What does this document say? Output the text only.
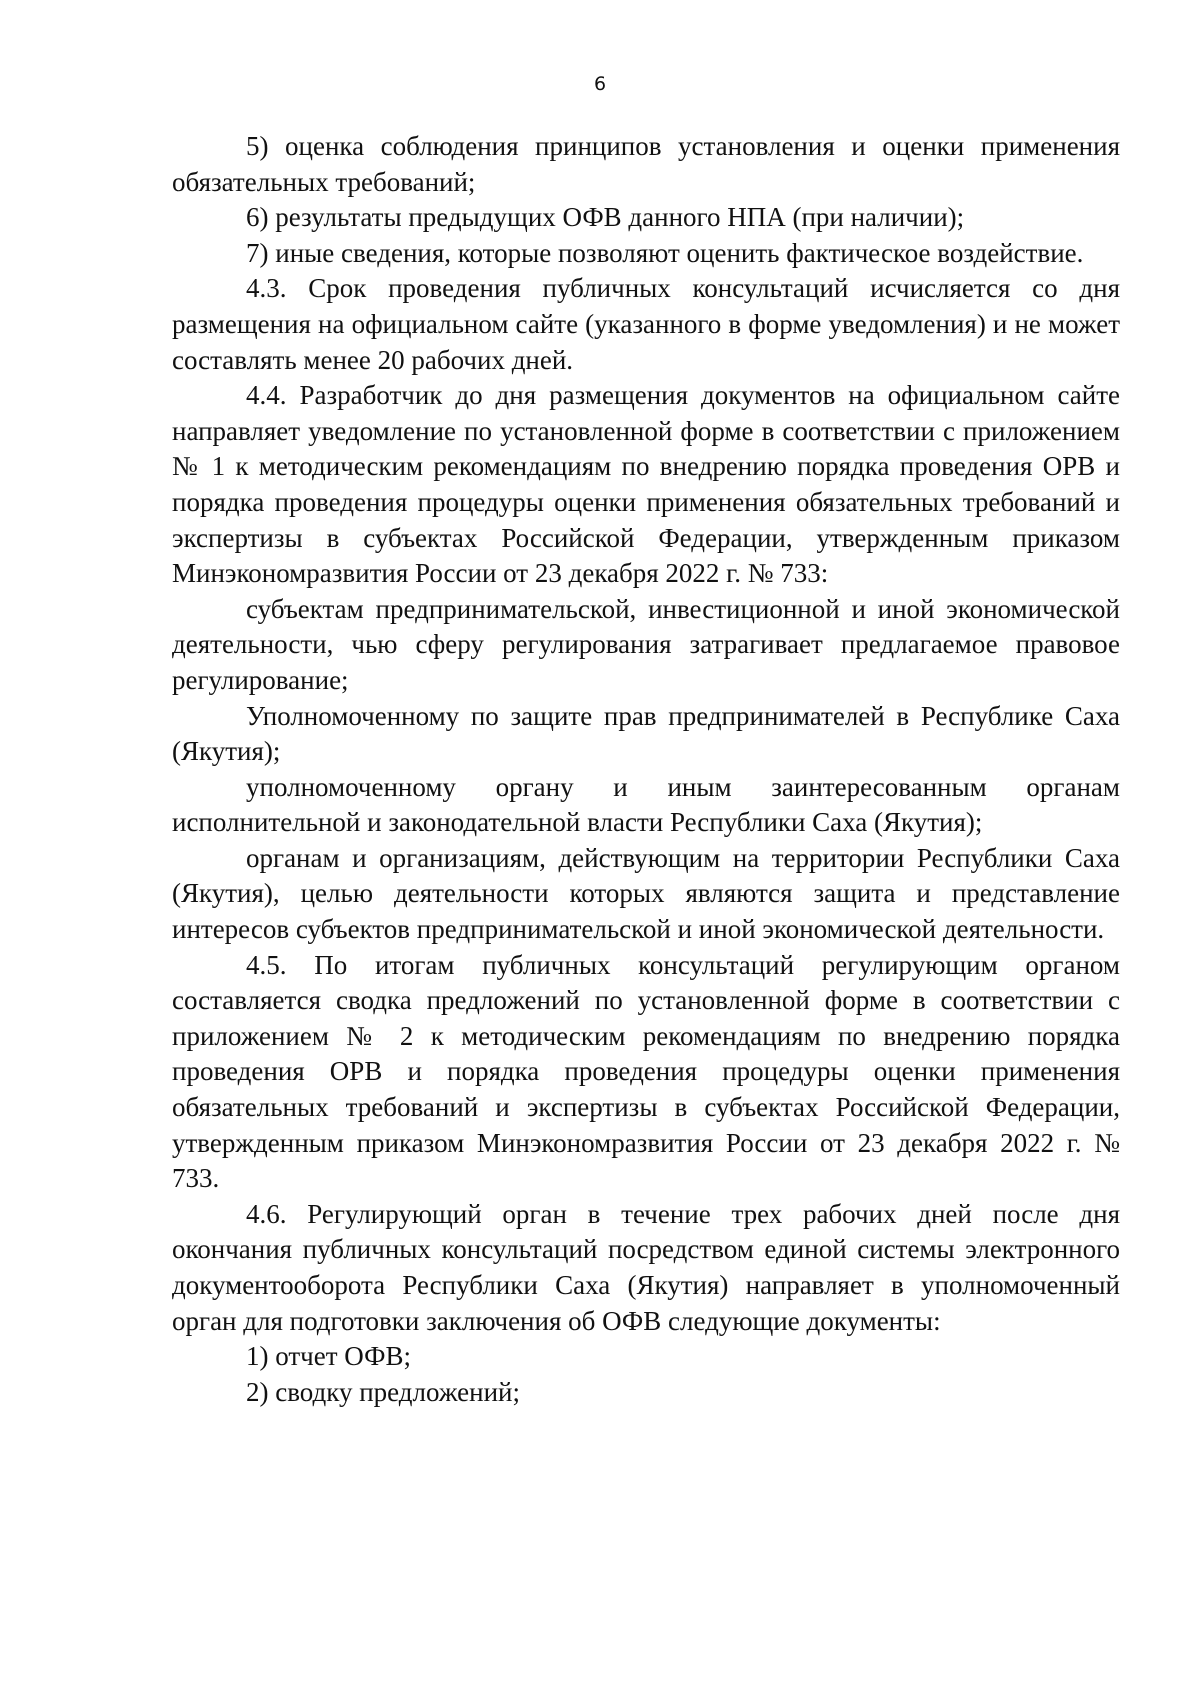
6

5) оценка соблюдения принципов установления и оценки применения обязательных требований;

6) результаты предыдущих ОФВ данного НПА (при наличии);

7) иные сведения, которые позволяют оценить фактическое воздействие.

4.3. Срок проведения публичных консультаций исчисляется со дня размещения на официальном сайте (указанного в форме уведомления) и не может составлять менее 20 рабочих дней.

4.4. Разработчик до дня размещения документов на официальном сайте направляет уведомление по установленной форме в соответствии с приложением № 1 к методическим рекомендациям по внедрению порядка проведения ОРВ и порядка проведения процедуры оценки применения обязательных требований и экспертизы в субъектах Российской Федерации, утвержденным приказом Минэкономразвития России от 23 декабря 2022 г. № 733:

субъектам предпринимательской, инвестиционной и иной экономической деятельности, чью сферу регулирования затрагивает предлагаемое правовое регулирование;

Уполномоченному по защите прав предпринимателей в Республике Саха (Якутия);

уполномоченному органу и иным заинтересованным органам исполнительной и законодательной власти Республики Саха (Якутия);

органам и организациям, действующим на территории Республики Саха (Якутия), целью деятельности которых являются защита и представление интересов субъектов предпринимательской и иной экономической деятельности.

4.5. По итогам публичных консультаций регулирующим органом составляется сводка предложений по установленной форме в соответствии с приложением № 2 к методическим рекомендациям по внедрению порядка проведения ОРВ и порядка проведения процедуры оценки применения обязательных требований и экспертизы в субъектах Российской Федерации, утвержденным приказом Минэкономразвития России от 23 декабря 2022 г. № 733.

4.6. Регулирующий орган в течение трех рабочих дней после дня окончания публичных консультаций посредством единой системы электронного документооборота Республики Саха (Якутия) направляет в уполномоченный орган для подготовки заключения об ОФВ следующие документы:

1) отчет ОФВ;

2) сводку предложений;
